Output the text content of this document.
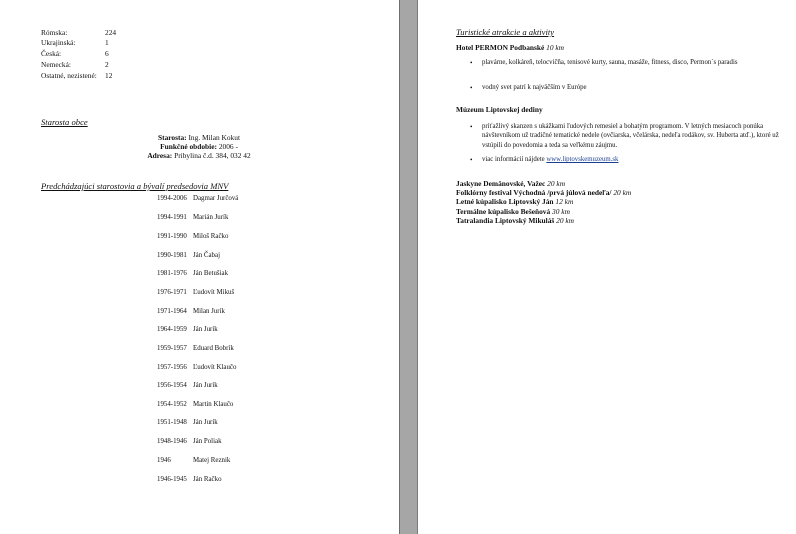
Rómska:	224
Ukrajinská:	1
Česká:	6
Nemecká:	2
Ostatné, nezistené: 12
Starosta obce
Starosta: Ing. Milan Kokut
Funkčné obdobie: 2006 -
Adresa: Pribylina č.d. 384, 032 42
Predchádzajúci starostovia a bývalí predsedovia MNV
1994-2006 Dagmar Jurčová
1994-1991 Marián Jurík
1991-1990 Miloš Račko
1990-1981 Ján Čabaj
1981-1976 Ján Betušiak
1976-1971 Ľudovít Mikuš
1971-1964 Milan Jurík
1964-1959 Ján Jurík
1959-1957 Eduard Bobrík
1957-1956 Ľudovít Klaučo
1956-1954 Ján Jurík
1954-1952 Martin Klaučo
1951-1948 Ján Jurík
1948-1946 Ján Poliak
1946	Matej Reznik
1946-1945 Ján Račko
Turistické atrakcie a aktivity
Hotel PERMON Podbanské 10 km
• plavárne, kolkáreň, telocvičňa, tenisové kurty, sauna, masáže, fitness, disco, Permon´s paradis
• vodný svet patrí k najväčším v Európe
Múzeum Liptovskej dediny
• príťažlivý skanzen s ukážkami ľudových remesiel a bohatým programom. V letných mesiacoch ponúka návštevníkom už tradičné tematické nedele (ovčiarska, včelárska, nedeľa rodákov, sv. Huberta atď.), ktoré už vstúpili do povedomia a teda sa veľkému záujmu.
• viac informácií nájdete www.liptovskemuzeum.sk
Jaskyne Demänovské, Važec 20 km
Folklórny festival Východná /prvá júlová nedeľa/ 20 km
Letné kúpalisko Liptovský Ján 12 km
Termálne kúpalisko Bešeňová 30 km
Tatralandia Liptovský Mikuláš 20 km
